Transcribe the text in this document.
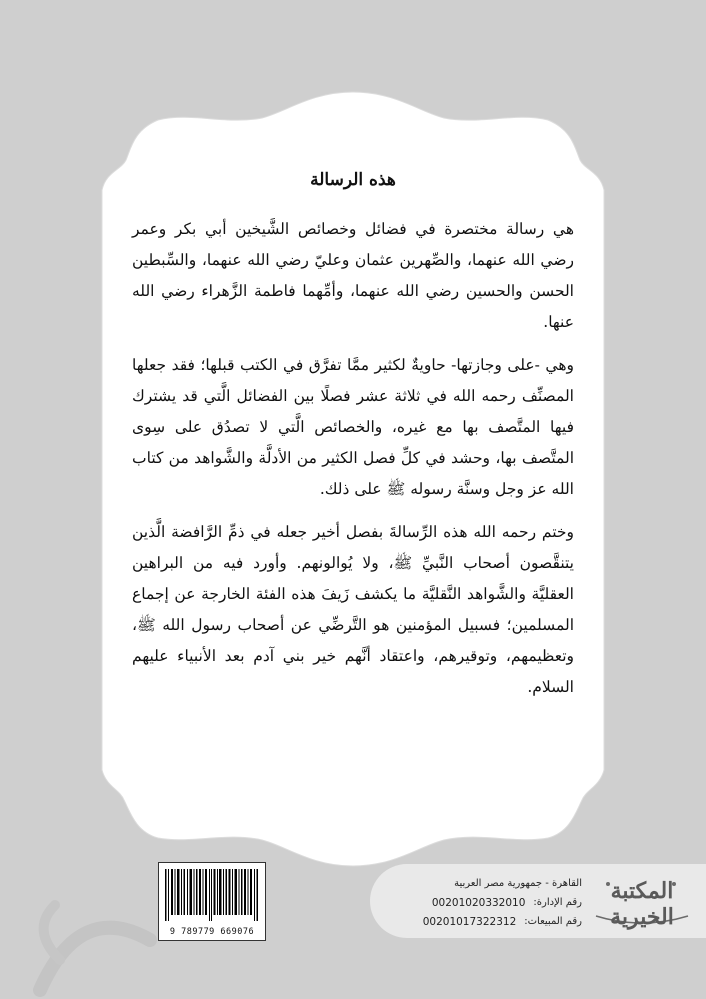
هذه الرسالة

هي رسالة مختصرة في فضائل وخصائص الشَّيخين أبي بكر وعمر رضي الله عنهما، والصِّهرين عثمان وعليّ رضي الله عنهما، والسِّبطين الحسن والحسين رضي الله عنهما، وأمِّهما فاطمة الزَّهراء رضي الله عنها.

وهي -على وجازتها- حاويةٌ لكثير ممَّا تفرَّق في الكتب قبلها؛ فقد جعلها المصنِّف رحمه الله في ثلاثة عشر فصلًا بين الفضائل الَّتي قد يشترك فيها المتَّصف بها مع غيره، والخصائص الَّتي لا تصدُق على سِوى المتَّصف بها، وحشد في كلِّ فصل الكثير من الأدلَّة والشَّواهد من كتاب الله عز وجل وسنَّة رسوله ﷺ على ذلك.

وختم رحمه الله هذه الرِّسالةَ بفصل أخير جعله في ذمِّ الرَّافضة الَّذين يتنقَّصون أصحاب النَّبيِّ ﷺ، ولا يُوالونهم. وأورد فيه من البراهين العقليَّة والشَّواهد النَّقليَّة ما يكشف زَيفَ هذه الفئة الخارجة عن إجماع المسلمين؛ فسبيل المؤمنين هو التَّرضِّي عن أصحاب رسول الله ﷺ، وتعظيمهم، وتوقيرهم، واعتقاد أنَّهم خير بني آدم بعد الأنبياء عليهم السلام.

9 789779 669076
القاهرة - جمهورية مصر العربية
رقم الإدارة:
00201020332010
رقم المبيعات:
00201017322312
المكتبة الخيرية
